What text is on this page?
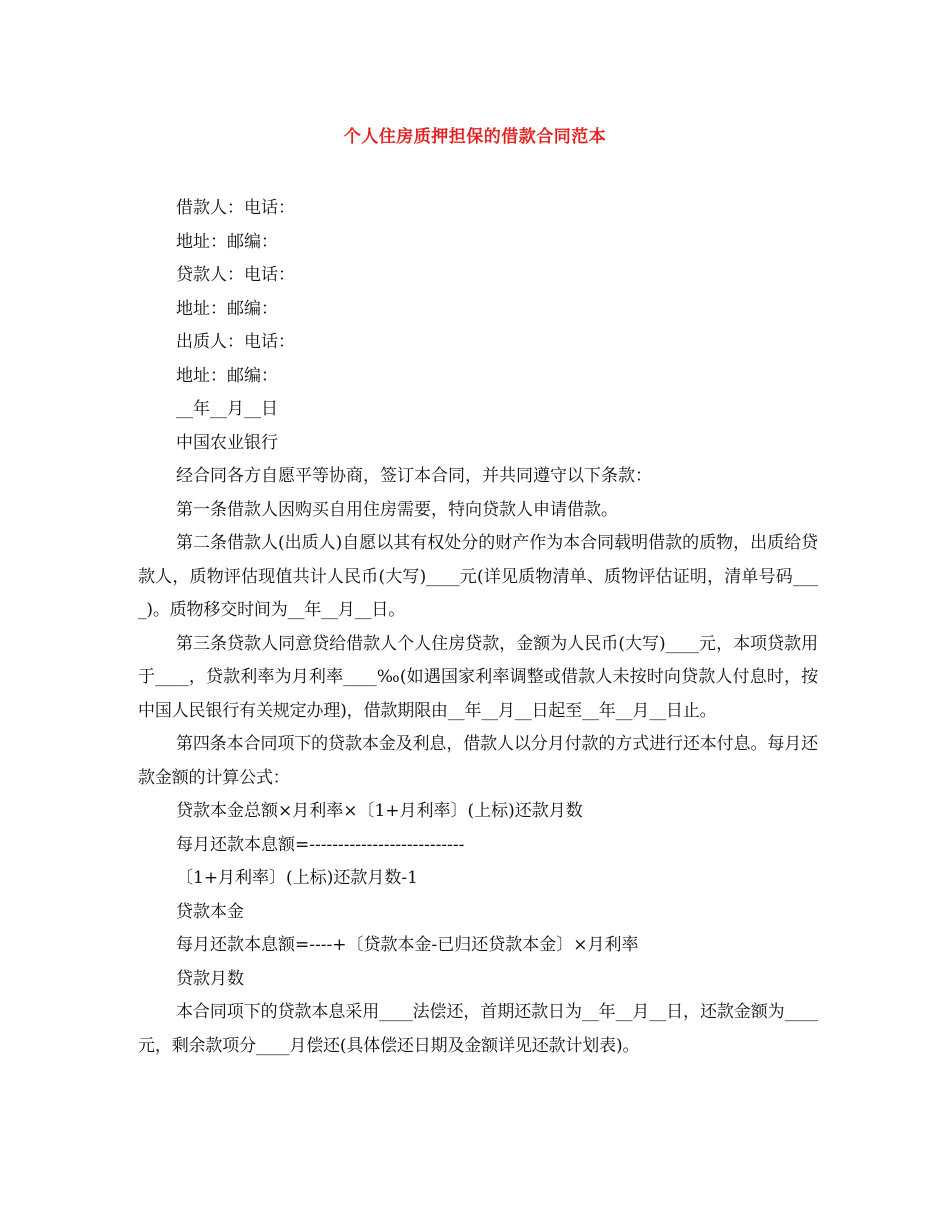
个人住房质押担保的借款合同范本

借款人：电话：

地址：邮编：

贷款人：电话：

地址：邮编：

出质人：电话：

地址：邮编：

__年__月__日

中国农业银行

经合同各方自愿平等协商，签订本合同，并共同遵守以下条款：

第一条借款人因购买自用住房需要，特向贷款人申请借款。

第二条借款人(出质人)自愿以其有权处分的财产作为本合同载明借款的质物，出质给贷款人，质物评估现值共计人民币(大写)____元(详见质物清单、质物评估证明，清单号码____)。质物移交时间为__年__月__日。

第三条贷款人同意贷给借款人个人住房贷款，金额为人民币(大写)____元，本项贷款用于____，贷款利率为月利率____‰(如遇国家利率调整或借款人未按时向贷款人付息时，按中国人民银行有关规定办理)，借款期限由__年__月__日起至__年__月__日止。

第四条本合同项下的贷款本金及利息，借款人以分月付款的方式进行还本付息。每月还款金额的计算公式：

贷款本金总额×月利率×〔1+月利率〕(上标)还款月数

每月还款本息额=---------------------------

〔1+月利率〕(上标)还款月数-1

贷款本金

每月还款本息额=----+〔贷款本金-已归还贷款本金〕×月利率

贷款月数

本合同项下的贷款本息采用____法偿还，首期还款日为__年__月__日，还款金额为____元，剩余款项分____月偿还(具体偿还日期及金额详见还款计划表)。
